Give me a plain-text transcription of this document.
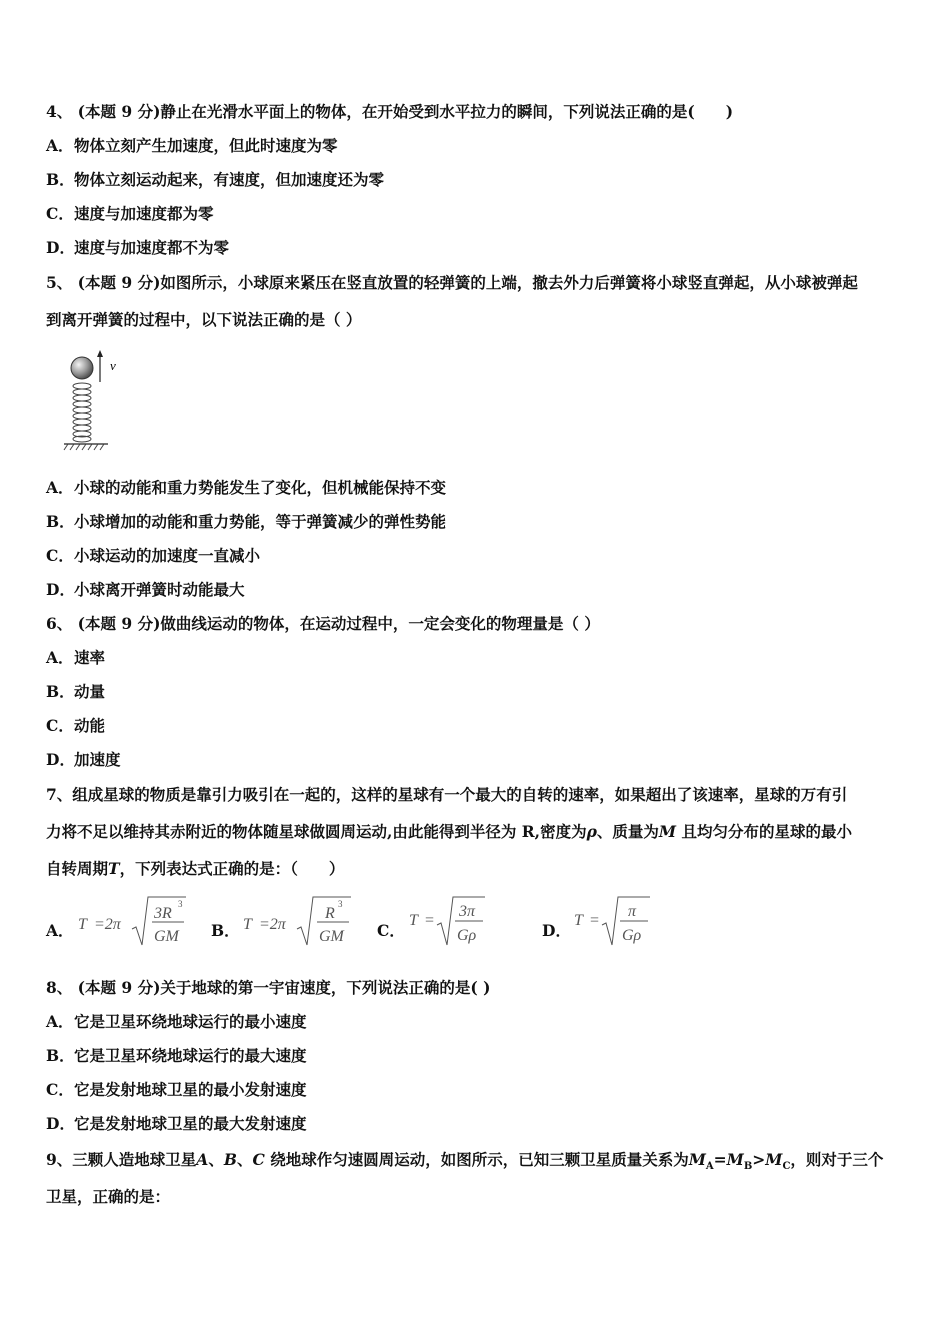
4、 (本题 9 分)静止在光滑水平面上的物体，在开始受到水平拉力的瞬间，下列说法正确的是(　　)
A．物体立刻产生加速度，但此时速度为零
B．物体立刻运动起来，有速度，但加速度还为零
C．速度与加速度都为零
D．速度与加速度都不为零
5、 (本题 9 分)如图所示，小球原来紧压在竖直放置的轻弹簧的上端，撤去外力后弹簧将小球竖直弹起，从小球被弹起
到离开弹簧的过程中，以下说法正确的是（ ）
v
A．小球的动能和重力势能发生了变化，但机械能保持不变
B．小球增加的动能和重力势能，等于弹簧减少的弹性势能
C．小球运动的加速度一直减小
D．小球离开弹簧时动能最大
6、 (本题 9 分)做曲线运动的物体，在运动过程中，一定会变化的物理量是（ ）
A．速率
B．动量
C．动能
D．加速度
7、组成星球的物质是靠引力吸引在一起的，这样的星球有一个最大的自转的速率，如果超出了该速率，星球的万有引
力将不足以维持其赤附近的物体随星球做圆周运动,由此能得到半径为 R,密度为ρ、质量为M 且均匀分布的星球的最小
自转周期T，下列表达式正确的是：（　　）
A． T =2π
3R
3
GM B． T =2π
R
3
GM C．
T =
3π
Gρ	D．
T =
π
Gρ
8、 (本题 9 分)关于地球的第一宇宙速度，下列说法正确的是( )
A．它是卫星环绕地球运行的最小速度
B．它是卫星环绕地球运行的最大速度
C．它是发射地球卫星的最小发射速度
D．它是发射地球卫星的最大发射速度
9、三颗人造地球卫星A、B、C 绕地球作匀速圆周运动，如图所示，已知三颗卫星质量关系为$M_A=M_B>M_C$，则对于三个
卫星，正确的是：
